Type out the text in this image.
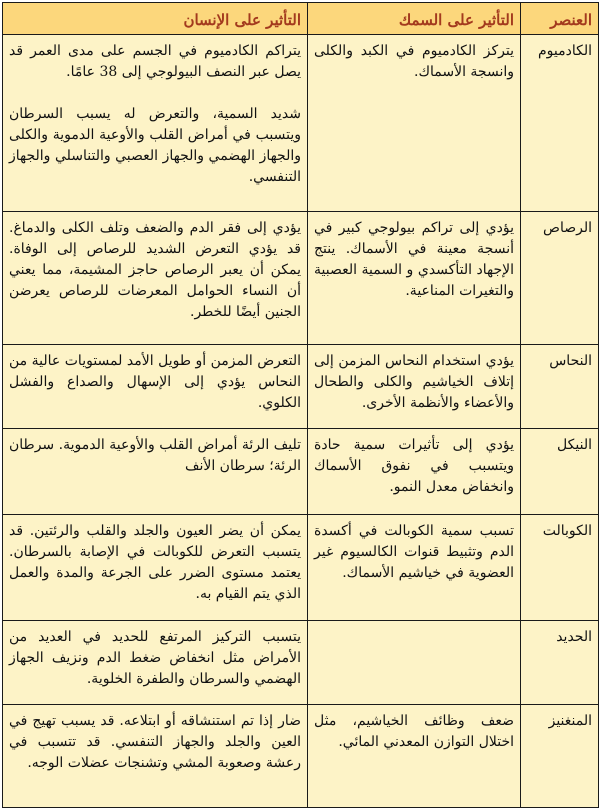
العنصر	التأثير على السمك	التأثير على الإنسان
الكادميوم	يتركز الكادميوم في الكبد والكلى وانسجة الأسماك.	يتراكم الكادميوم في الجسم على مدى العمر قد يصل عبر النصف البيولوجي إلى 38 عامًا.

شديد السمية، والتعرض له يسبب السرطان ويتسبب في أمراض القلب والأوعية الدموية والكلى والجهاز الهضمي والجهاز العصبي والتناسلي والجهاز التنفسي.

الرصاص	يؤدي إلى تراكم بيولوجي كبير في أنسجة معينة في الأسماك. ينتج الإجهاد التأكسدي و السمية العصبية والتغيرات المناعية.	يؤدي إلى فقر الدم والضعف وتلف الكلى والدماغ. قد يؤدي التعرض الشديد للرصاص إلى الوفاة. يمكن أن يعبر الرصاص حاجز المشيمة، مما يعني أن النساء الحوامل المعرضات للرصاص يعرضن الجنين أيضًا للخطر.
النحاس	يؤدي استخدام النحاس المزمن إلى إتلاف الخياشيم والكلى والطحال والأعضاء والأنظمة الأخرى.	التعرض المزمن أو طويل الأمد لمستويات عالية من النحاس يؤدي إلى الإسهال والصداع والفشل الكلوي.
النيكل	يؤدي إلى تأثيرات سمية حادة ويتسبب في نفوق الأسماك وانخفاض معدل النمو.	تليف الرئة أمراض القلب والأوعية الدموية. سرطان الرئة؛ سرطان الأنف
الكوبالت	تسبب سمية الكوبالت في أكسدة الدم وتثبيط قنوات الكالسيوم غير العضوية في خياشيم الأسماك.	يمكن أن يضر العيون والجلد والقلب والرئتين. قد يتسبب التعرض للكوبالت في الإصابة بالسرطان. يعتمد مستوى الضرر على الجرعة والمدة والعمل الذي يتم القيام به.
الحديد		يتسبب التركيز المرتفع للحديد في العديد من الأمراض مثل انخفاض ضغط الدم ونزيف الجهاز الهضمي والسرطان والطفرة الخلوية.
المنغنيز	ضعف وظائف الخياشيم، مثل اختلال التوازن المعدني المائي.	ضار إذا تم استنشاقه أو ابتلاعه. قد يسبب تهيج في العين والجلد والجهاز التنفسي. قد تتسبب في رعشة وصعوبة المشي وتشنجات عضلات الوجه.
